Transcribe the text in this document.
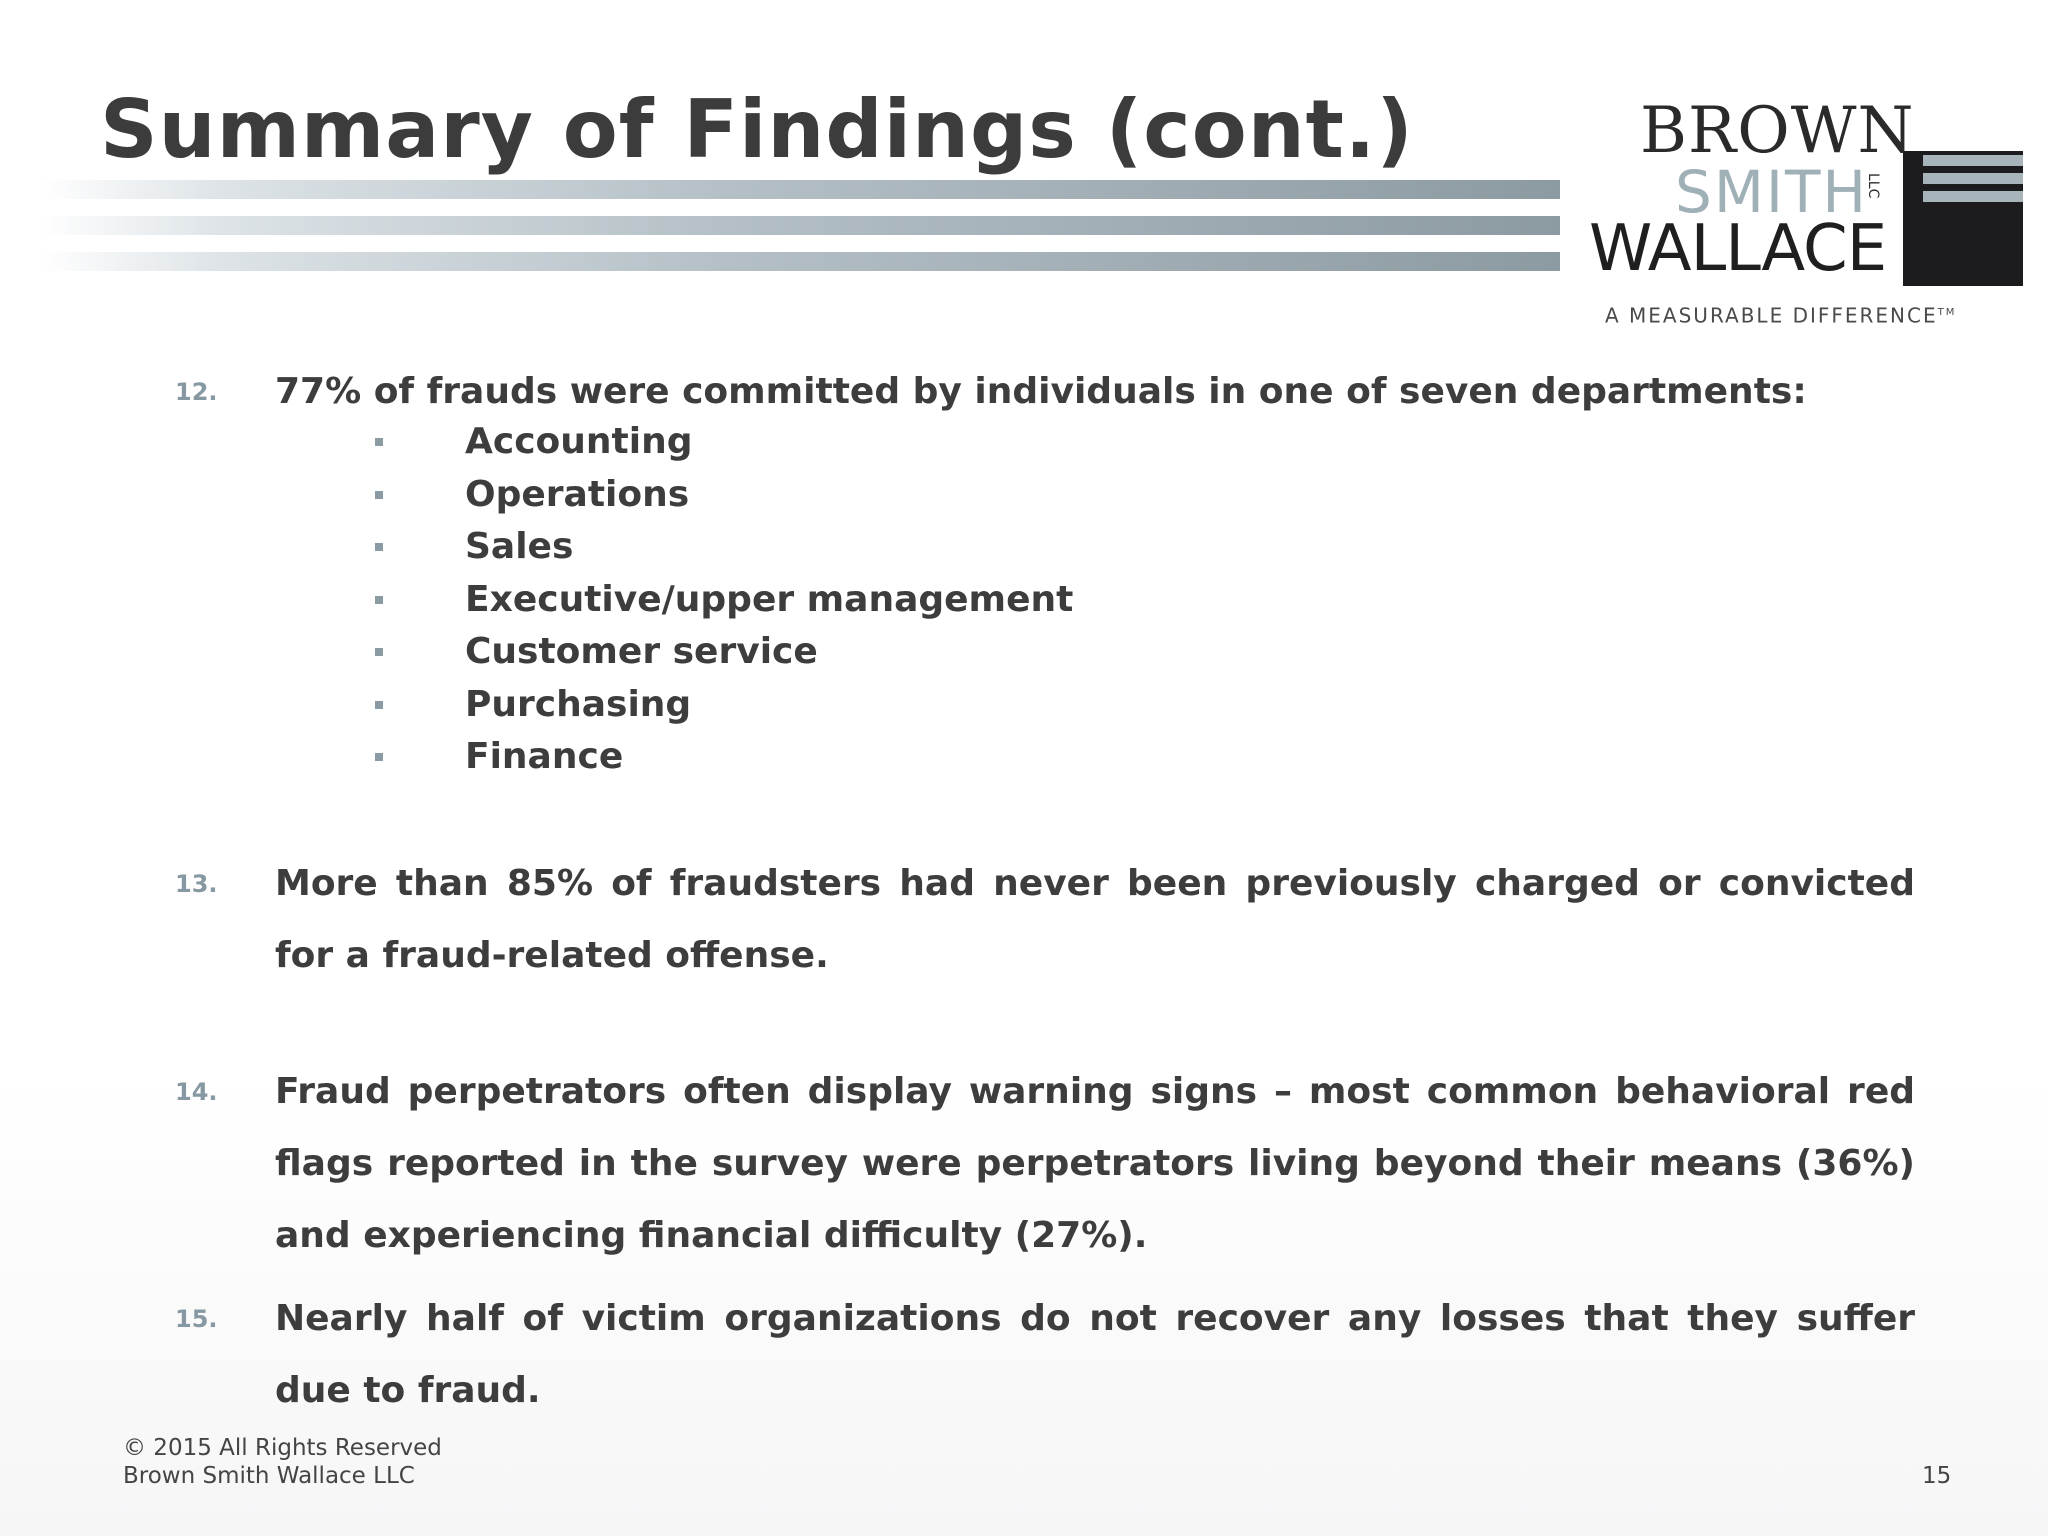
Summary of Findings (cont.)	BROWN
SMITH
LLC
WALLACE
A MEASURABLE DIFFERENCE™
12. 77% of frauds were committed by individuals in one of seven departments:

Accounting
Operations
Sales
Executive/upper management
Customer service
Purchasing
Finance
13. More than 85% of fraudsters had never been previously charged or convicted for a fraud-related offense.

14. Fraud perpetrators often display warning signs – most common behavioral red flags reported in the survey were perpetrators living beyond their means (36%) and experiencing financial difficulty (27%).

15. Nearly half of victim organizations do not recover any losses that they suffer due to fraud.

© 2015 All Rights Reserved
Brown Smith Wallace LLC	15
